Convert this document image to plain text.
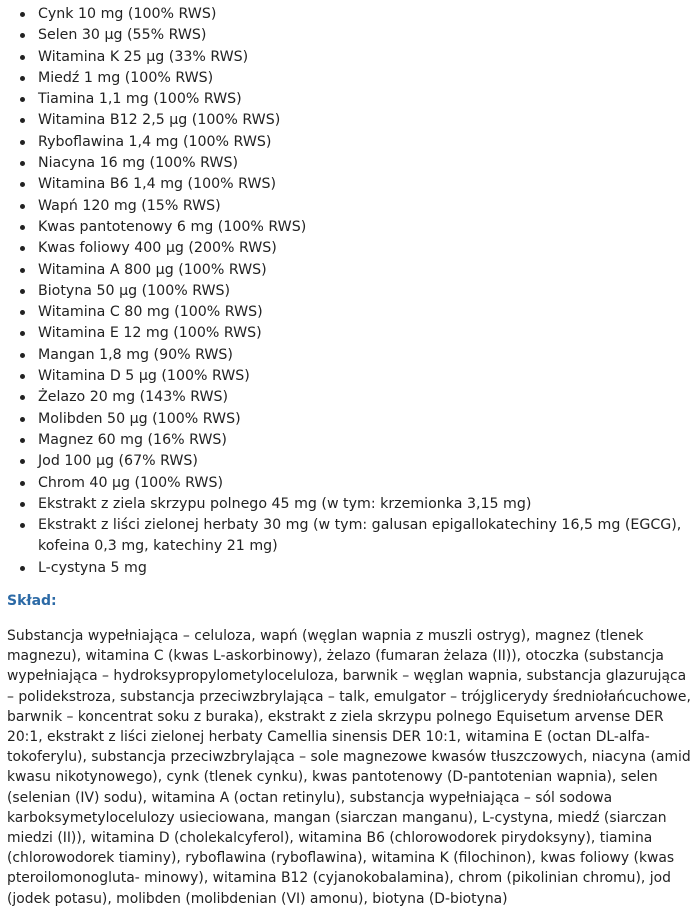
Cynk 10 mg (100% RWS)
Selen 30 µg (55% RWS)
Witamina K 25 µg (33% RWS)
Miedź 1 mg (100% RWS)
Tiamina 1,1 mg (100% RWS)
Witamina B12 2,5 µg (100% RWS)
Ryboflawina 1,4 mg (100% RWS)
Niacyna 16 mg (100% RWS)
Witamina B6 1,4 mg (100% RWS)
Wapń 120 mg (15% RWS)
Kwas pantotenowy 6 mg (100% RWS)
Kwas foliowy 400 µg (200% RWS)
Witamina A 800 µg (100% RWS)
Biotyna 50 µg (100% RWS)
Witamina C 80 mg (100% RWS)
Witamina E 12 mg (100% RWS)
Mangan 1,8 mg (90% RWS)
Witamina D 5 µg (100% RWS)
Żelazo 20 mg (143% RWS)
Molibden 50 µg (100% RWS)
Magnez 60 mg (16% RWS)
Jod 100 µg (67% RWS)
Chrom 40 µg (100% RWS)
Ekstrakt z ziela skrzypu polnego 45 mg (w tym: krzemionka 3,15 mg)
Ekstrakt z liści zielonej herbaty 30 mg (w tym: galusan epigallokatechiny 16,5 mg (EGCG), kofeina 0,3 mg, katechiny 21 mg)
L-cystyna 5 mg
Skład:

Substancja wypełniająca – celuloza, wapń (węglan wapnia z muszli ostryg), magnez (tlenek magnezu), witamina C (kwas L-askorbinowy), żelazo (fumaran żelaza (II)), otoczka (substancja wypełniająca – hydroksypropylometyloceluloza, barwnik – węglan wapnia, substancja glazurująca – polidekstroza, substancja przeciwzbrylająca – talk, emulgator – trójglicerydy średniołańcuchowe, barwnik – koncentrat soku z buraka), ekstrakt z ziela skrzypu polnego Equisetum arvense DER 20:1, ekstrakt z liści zielonej herbaty Camellia sinensis DER 10:1, witamina E (octan DL-alfa-tokoferylu), substancja przeciwzbrylająca – sole magnezowe kwasów tłuszczowych, niacyna (amid kwasu nikotynowego), cynk (tlenek cynku), kwas pantotenowy (D-pantotenian wapnia), selen (selenian (IV) sodu), witamina A (octan retinylu), substancja wypełniająca – sól sodowa karboksymetylocelulozy usieciowana, mangan (siarczan manganu), L-cystyna, miedź (siarczan miedzi (II)), witamina D (cholekalcyferol), witamina B6 (chlorowodorek pirydoksyny), tiamina (chlorowodorek tiaminy), ryboflawina (ryboflawina), witamina K (filochinon), kwas foliowy (kwas pteroilomonogluta- minowy), witamina B12 (cyjanokobalamina), chrom (pikolinian chromu), jod (jodek potasu), molibden (molibdenian (VI) amonu), biotyna (D-biotyna)
